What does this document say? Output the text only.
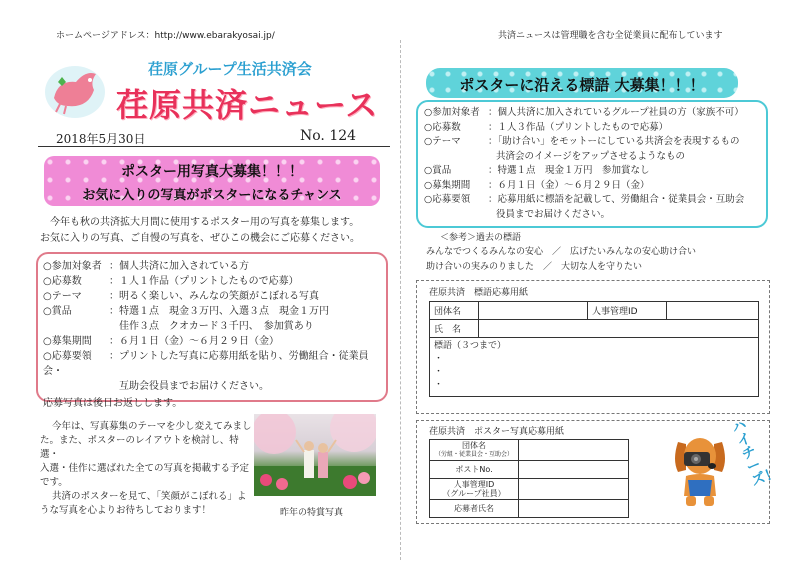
ホームページアドレス：http://www.ebarakyosai.jp/	共済ニュースは管理職を含む全従業員に配布しています
荏原グループ生活共済会
荏原共済ニュース
2018年5月30日	No. 124
ポスター用写真大募集！！！
お気に入りの写真がポスターになるチャンス
今年も秋の共済拡大月間に使用するポスター用の写真を募集します。
お気に入りの写真、ご自慢の写真を、ぜひこの機会にご応募ください。
○参加対象者 ：個人共済に加入されている方
○応募数	：１人１作品（プリントしたもので応募）
○テーマ	：明るく楽しい、みんなの笑顔がこぼれる写真
○賞品	：特選１点　現金３万円、入選３点　現金１万円
佳作３点　クオカード３千円、　参加賞あり
○募集期間 ：６月１日（金）～６月２９日（金）
○応募要領 ：プリントした写真に応募用紙を貼り、労働組合・従業員会・
互助会役員までお届けください。
応募写真は後日お返しします。
今年は、写真募集のテーマを少し変えてみまし
た。また、ポスターのレイアウトを検討し、特選・
入選・佳作に選ばれた全ての写真を掲載する予定
です。
共済のポスターを見て、「笑顔がこぼれる」よ
うな写真を心よりお待ちしております！	昨年の特賞写真
ポスターに沿える標語 大募集！！！
○参加対象者 ：個人共済に加入されているグループ社員の方（家族不可）
○応募数	：１人３作品（プリントしたもので応募）
○テーマ	：「助け合い」をモットーにしている共済会を表現するもの
共済会のイメージをアップさせるようなもの
○賞品	：特選１点　現金１万円　参加賞なし
○募集期間 ：６月１日（金）～６月２９日（金）
○応募要領 ：応募用紙に標語を記載して、労働組合・従業員会・互助会
役員までお届けください。
＜参考＞過去の標語
みんなでつくるみんなの安心　／　広げたいみんなの安心助け合い
助け合いの実みのりました　／　大切な人を守りたい
荏原共済　標語応募用紙
団体名		人事管理ID	
氏　名			

標語（３つまで）
・
・
・			
荏原共済　ポスター写真応募用紙
団体名
（労組・従業員会・互助会）	

ポストNo.	

人事管理ID
（グループ社員）	

応募者氏名	
ハイ チーズ！
